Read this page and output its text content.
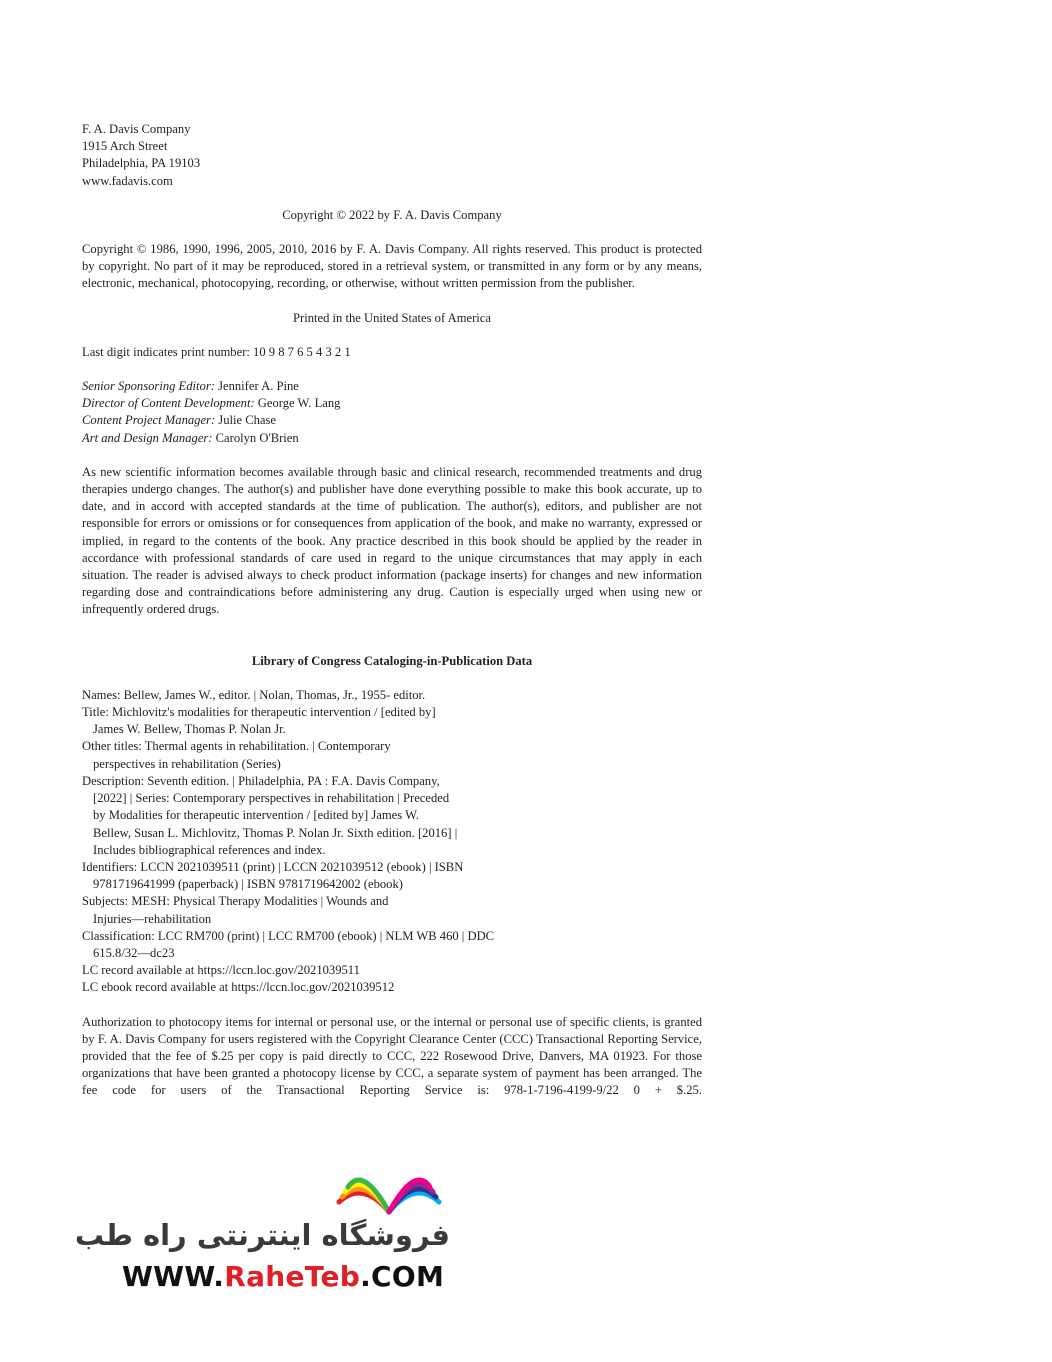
F. A. Davis Company
1915 Arch Street
Philadelphia, PA 19103
www.fadavis.com
Copyright © 2022 by F. A. Davis Company

Copyright © 1986, 1990, 1996, 2005, 2010, 2016 by F. A. Davis Company. All rights reserved. This product is protected by copyright. No part of it may be reproduced, stored in a retrieval system, or transmitted in any form or by any means, electronic, mechanical, photocopying, recording, or otherwise, without written permission from the publisher.

Printed in the United States of America
Last digit indicates print number: 10 9 8 7 6 5 4 3 2 1
Senior Sponsoring Editor: Jennifer A. Pine
Director of Content Development: George W. Lang
Content Project Manager: Julie Chase
Art and Design Manager: Carolyn O'Brien

As new scientific information becomes available through basic and clinical research, recommended treatments and drug therapies undergo changes. The author(s) and publisher have done everything possible to make this book accurate, up to date, and in accord with accepted standards at the time of publication. The author(s), editors, and publisher are not responsible for errors or omissions or for consequences from application of the book, and make no warranty, expressed or implied, in regard to the contents of the book. Any practice described in this book should be applied by the reader in accordance with professional standards of care used in regard to the unique circumstances that may apply in each situation. The reader is advised always to check product information (package inserts) for changes and new information regarding dose and contraindications before administering any drug. Caution is especially urged when using new or infrequently ordered drugs.

Library of Congress Cataloging-in-Publication Data
Names: Bellew, James W., editor. | Nolan, Thomas, Jr., 1955- editor.
Title: Michlovitz's modalities for therapeutic intervention / [edited by]
James W. Bellew, Thomas P. Nolan Jr.
Other titles: Thermal agents in rehabilitation. | Contemporary
perspectives in rehabilitation (Series)
Description: Seventh edition. | Philadelphia, PA : F.A. Davis Company,
[2022] | Series: Contemporary perspectives in rehabilitation | Preceded
by Modalities for therapeutic intervention / [edited by] James W.
Bellew, Susan L. Michlovitz, Thomas P. Nolan Jr. Sixth edition. [2016] |
Includes bibliographical references and index.
Identifiers: LCCN 2021039511 (print) | LCCN 2021039512 (ebook) | ISBN
9781719641999 (paperback) | ISBN 9781719642002 (ebook)
Subjects: MESH: Physical Therapy Modalities | Wounds and
Injuries—rehabilitation
Classification: LCC RM700 (print) | LCC RM700 (ebook) | NLM WB 460 | DDC
615.8/32—dc23
LC record available at https://lccn.loc.gov/2021039511
LC ebook record available at https://lccn.loc.gov/2021039512

Authorization to photocopy items for internal or personal use, or the internal or personal use of specific clients, is granted by F. A. Davis Company for users registered with the Copyright Clearance Center (CCC) Transactional Reporting Service, provided that the fee of $.25 per copy is paid directly to CCC, 222 Rosewood Drive, Danvers, MA 01923. For those organizations that have been granted a photocopy license by CCC, a separate system of payment has been arranged. The fee code for users of the Transactional Reporting Service is: 978-1-7196-4199-9/22 0 + $.25.

فروشگاه اینترنتی راه طب
WWW.RaheTeb.COM
